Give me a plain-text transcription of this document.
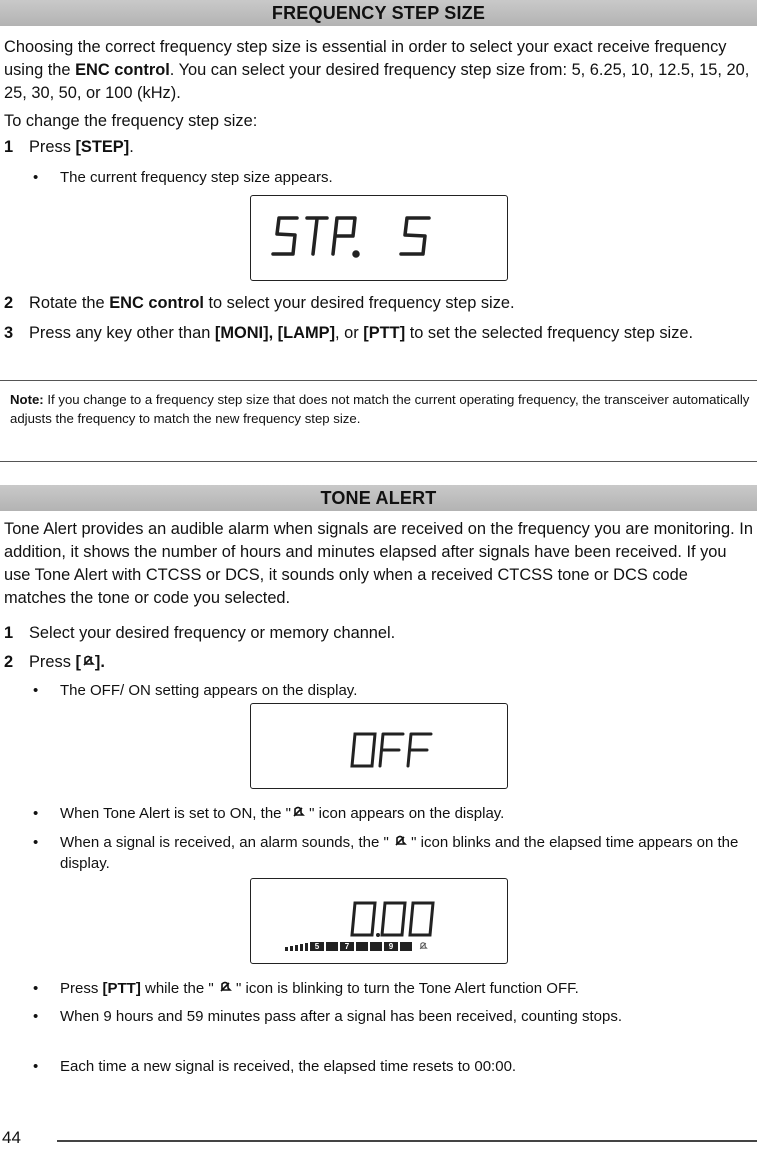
FREQUENCY STEP SIZE

Choosing the correct frequency step size is essential in order to select your exact receive frequency using the ENC control. You can select your desired frequency step size from: 5, 6.25, 10, 12.5, 15, 20, 25, 30, 50, or 100 (kHz).

To change the frequency step size:

1 Press [STEP].
• The current frequency step size appears.
2 Rotate the ENC control to select your desired frequency step size.
3 Press any key other than [MONI], [LAMP], or [PTT] to set the selected frequency step size.
Note: If you change to a frequency step size that does not match the current operating frequency, the transceiver automatically adjusts the frequency to match the new frequency step size.
TONE ALERT

Tone Alert provides an audible alarm when signals are received on the frequency you are monitoring. In addition, it shows the number of hours and minutes elapsed after signals have been received. If you use Tone Alert with CTCSS or DCS, it sounds only when a received CTCSS tone or DCS code matches the tone or code you selected.

1 Select your desired frequency or memory channel.
2 Press [ ].
• The OFF/ ON setting appears on the display.
• When Tone Alert is set to ON, the " " icon appears on the display.
• When a signal is received, an alarm sounds, the "  " icon blinks and the elapsed time appears on the display.
5	7	9
• Press [PTT] while the "  " icon is blinking to turn the Tone Alert function OFF.
• When 9 hours and 59 minutes pass after a signal has been received, counting stops.
• Each time a new signal is received, the elapsed time resets to 00:00.
44
